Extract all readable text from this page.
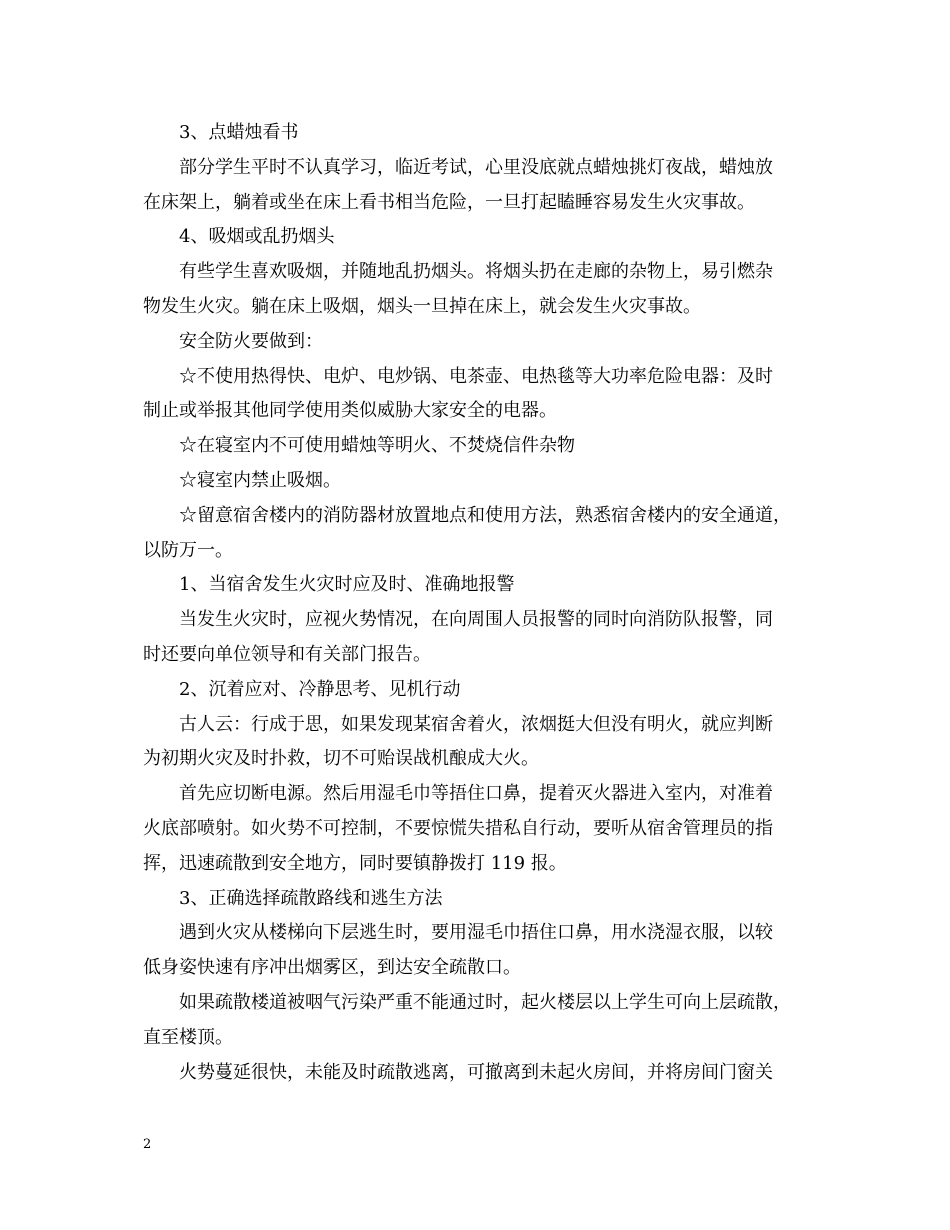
3、点蜡烛看书
部分学生平时不认真学习，临近考试，心里没底就点蜡烛挑灯夜战，蜡烛放
在床架上，躺着或坐在床上看书相当危险，一旦打起瞌睡容易发生火灾事故。
4、吸烟或乱扔烟头
有些学生喜欢吸烟，并随地乱扔烟头。将烟头扔在走廊的杂物上，易引燃杂
物发生火灾。躺在床上吸烟，烟头一旦掉在床上，就会发生火灾事故。
安全防火要做到：
☆不使用热得快、电炉、电炒锅、电茶壶、电热毯等大功率危险电器：及时
制止或举报其他同学使用类似威胁大家安全的电器。
☆在寝室内不可使用蜡烛等明火、不焚烧信件杂物
☆寝室内禁止吸烟。
☆留意宿舍楼内的消防器材放置地点和使用方法，熟悉宿舍楼内的安全通道，
以防万一。
1、当宿舍发生火灾时应及时、准确地报警
当发生火灾时，应视火势情况，在向周围人员报警的同时向消防队报警，同
时还要向单位领导和有关部门报告。
2、沉着应对、冷静思考、见机行动
古人云：行成于思，如果发现某宿舍着火，浓烟挺大但没有明火，就应判断
为初期火灾及时扑救，切不可贻误战机酿成大火。
首先应切断电源。然后用湿毛巾等捂住口鼻，提着灭火器进入室内，对准着
火底部喷射。如火势不可控制，不要惊慌失措私自行动，要听从宿舍管理员的指
挥，迅速疏散到安全地方，同时要镇静拨打 119 报。
3、正确选择疏散路线和逃生方法
遇到火灾从楼梯向下层逃生时，要用湿毛巾捂住口鼻，用水浇湿衣服，以较
低身姿快速有序冲出烟雾区，到达安全疏散口。
如果疏散楼道被咽气污染严重不能通过时，起火楼层以上学生可向上层疏散，
直至楼顶。
火势蔓延很快，未能及时疏散逃离，可撤离到未起火房间，并将房间门窗关
2
